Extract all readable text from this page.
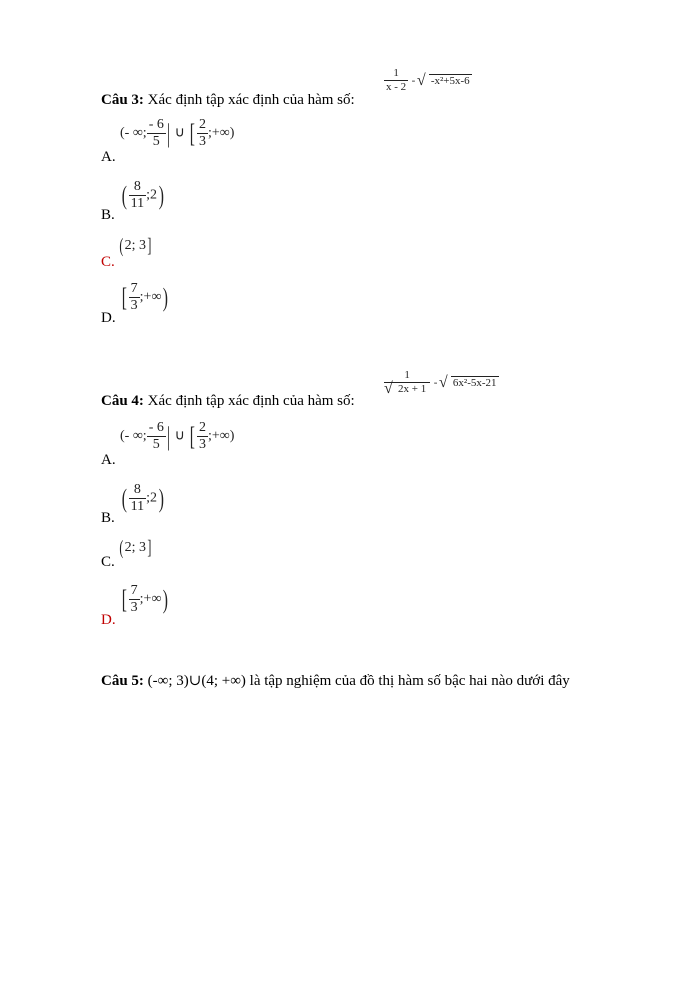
Câu 3: Xác định tập xác định của hàm số:
$\frac{1}{x - 2}$ - √ -x²+5x-6
(- ∞; $\frac{- 6}{5}$ | ∪ [ $\frac{2}{3}$ ;+∞)
A.
( $\frac{8}{11}$ ;2)
B.
(2; 3]
C.
[ $\frac{7}{3}$ ;+∞)
D.
Câu 4: Xác định tập xác định của hàm số:
1
√ 2x + 1 - √ 6x²-5x-21
(- ∞; $\frac{- 6}{5}$ | ∪ [ $\frac{2}{3}$ ;+∞)
A.
( $\frac{8}{11}$ ;2)
B.
(2; 3]
C.
[ $\frac{7}{3}$ ;+∞)
D.
Câu 5: (-∞; 3)∪(4; +∞) là tập nghiệm của đồ thị hàm số bậc hai nào dưới đây
